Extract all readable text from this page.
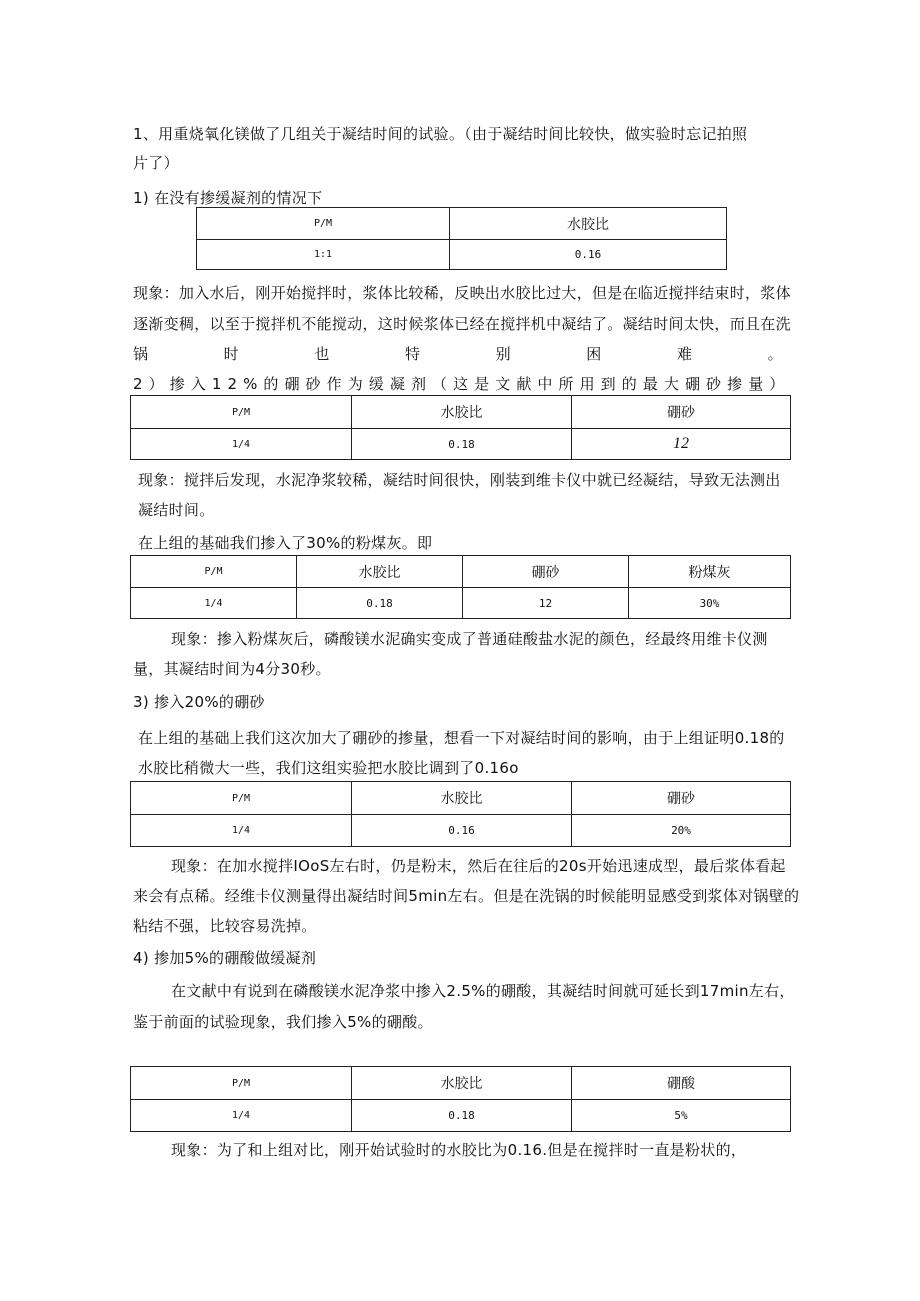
1、用重烧氧化镁做了几组关于凝结时间的试验。（由于凝结时间比较快，做实验时忘记拍照
片了）
1) 在没有掺缓凝剂的情况下
P/M	水胶比
1:1	0.16
现象：加入水后，刚开始搅拌时，浆体比较稀，反映出水胶比过大，但是在临近搅拌结束时，浆体
逐渐变稠，以至于搅拌机不能搅动，这时候浆体已经在搅拌机中凝结了。凝结时间太快，而且在洗
锅	时	也	特	别	困	难	。
2 ） 掺 入 1 2 % 的 硼 砂 作 为 缓 凝 剂 （ 这 是 文 献 中 所 用 到 的 最 大 硼 砂 掺 量 ）
P/M	水胶比	硼砂
1/4	0.18	12
现象：搅拌后发现，水泥净浆较稀，凝结时间很快，刚装到维卡仪中就已经凝结，导致无法测出
凝结时间。
在上组的基础我们掺入了30%的粉煤灰。即
P/M	水胶比	硼砂	粉煤灰
1/4	0.18	12	30%
现象：掺入粉煤灰后，磷酸镁水泥确实变成了普通硅酸盐水泥的颜色，经最终用维卡仪测
量，其凝结时间为4分30秒。
3) 掺入20%的硼砂
在上组的基础上我们这次加大了硼砂的掺量，想看一下对凝结时间的影响，由于上组证明0.18的
水胶比稍微大一些，我们这组实验把水胶比调到了0.16o
P/M	水胶比	硼砂
1/4	0.16	20%
现象：在加水搅拌IOoS左右时，仍是粉末，然后在往后的20s开始迅速成型，最后浆体看起
来会有点稀。经维卡仪测量得出凝结时间5min左右。但是在洗锅的时候能明显感受到浆体对锅壁的
粘结不强，比较容易洗掉。
4) 掺加5%的硼酸做缓凝剂
在文献中有说到在磷酸镁水泥净浆中掺入2.5%的硼酸，其凝结时间就可延长到17min左右，
鉴于前面的试验现象，我们掺入5%的硼酸。
P/M	水胶比	硼酸
1/4	0.18	5%
现象：为了和上组对比，刚开始试验时的水胶比为0.16.但是在搅拌时一直是粉状的，
